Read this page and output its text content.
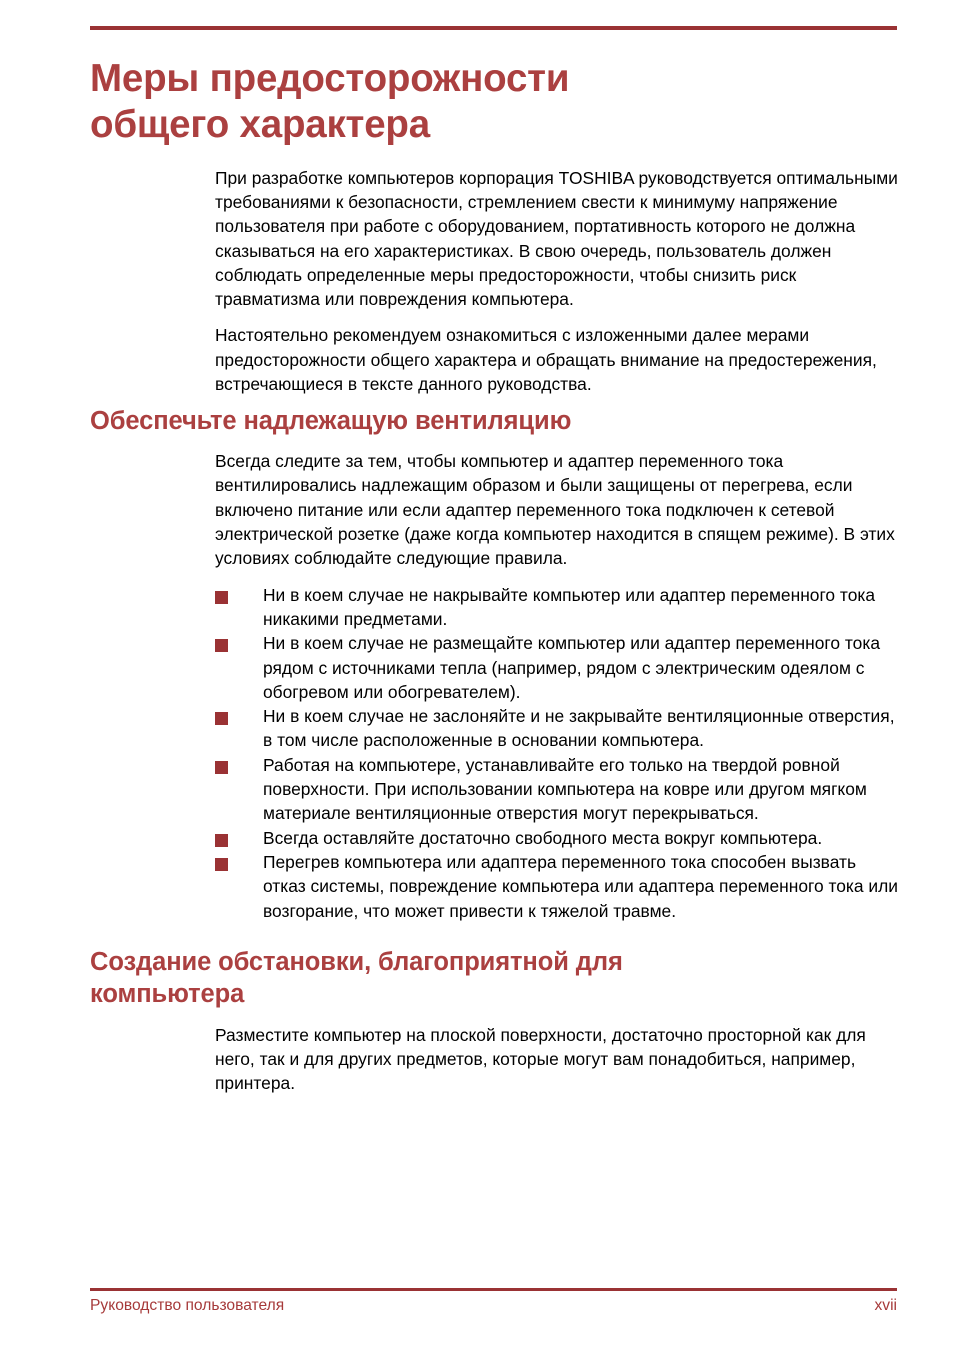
Меры предосторожности
общего характера

При разработке компьютеров корпорация TOSHIBA руководствуется оптимальными требованиями к безопасности, стремлением свести к минимуму напряжение пользователя при работе с оборудованием, портативность которого не должна сказываться на его характеристиках. В свою очередь, пользователь должен соблюдать определенные меры предосторожности, чтобы снизить риск травматизма или повреждения компьютера.

Настоятельно рекомендуем ознакомиться с изложенными далее мерами предосторожности общего характера и обращать внимание на предостережения, встречающиеся в тексте данного руководства.

Обеспечьте надлежащую вентиляцию

Всегда следите за тем, чтобы компьютер и адаптер переменного тока вентилировались надлежащим образом и были защищены от перегрева, если включено питание или если адаптер переменного тока подключен к сетевой электрической розетке (даже когда компьютер находится в спящем режиме). В этих условиях соблюдайте следующие правила.

Ни в коем случае не накрывайте компьютер или адаптер переменного тока никакими предметами.
Ни в коем случае не размещайте компьютер или адаптер переменного тока рядом с источниками тепла (например, рядом с электрическим одеялом с обогревом или обогревателем).
Ни в коем случае не заслоняйте и не закрывайте вентиляционные отверстия, в том числе расположенные в основании компьютера.
Работая на компьютере, устанавливайте его только на твердой ровной поверхности. При использовании компьютера на ковре или другом мягком материале вентиляционные отверстия могут перекрываться.
Всегда оставляйте достаточно свободного места вокруг компьютера.
Перегрев компьютера или адаптера переменного тока способен вызвать отказ системы, повреждение компьютера или адаптера переменного тока или возгорание, что может привести к тяжелой травме.
Создание обстановки, благоприятной для
компьютера

Разместите компьютер на плоской поверхности, достаточно просторной как для него, так и для других предметов, которые могут вам понадобиться, например, принтера.

Руководство пользователя	xvii
